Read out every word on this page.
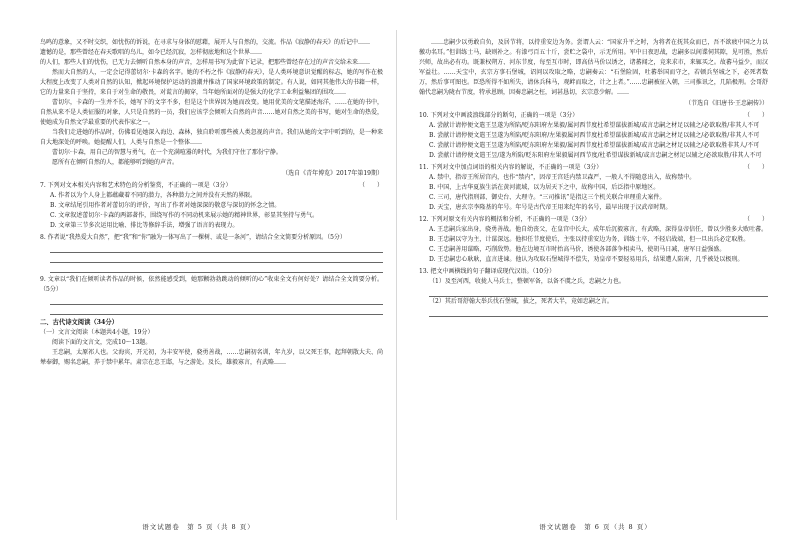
鸟鸣的意象，又不时交织，如忧伤的诉说，在寻求与身体的慰藉，展开人与自然的，交流。作品《寂静的春天》的后记中……

遗憾的是，那些曾经在春天歌唱的鸟儿，如今已经沉寂，怎样彻底地和这个世界……

的人们，那些人们的忧伤，已无力去倾听自然本身的声音，怎样用书写为此留下记录，把那些曾经存在过的声音交给未来……

然而大自然的人，一定会记得蕾切尔·卡森的名字。她的不朽之作《寂静的春天》，是人类环境意识觉醒的标志，她的写作在极大程度上改变了人类对自然的认知，掀起环境保护运动的浪潮并推动了国家环境政策的制定。有人说，如同其他伟大的书籍一样，它的力量来自于坚持，来自于对生命的敬畏，对谎言的揭穿，当年她所面对的是强大的化学工业利益集团的围攻……

蕾切尔，卡森的一生并不长，她写下的文字不多，但是这个世界因为她而改变。她用优美的文笔描述海洋，……在她的书中，自然从来不是人类征服的对象，人只是自然的一员，我们应该学会倾听大自然的声音……她对自然之美的书写，她对生命的热爱，使她成为自然文学最重要的代表作家之一。

当我们走进她的作品时，仿佛看见她深入海边、森林，独自聆听那些被人类忽视的声音。我们从她的文字中听到的，是一种来自大地深处的呼唤。她提醒人们，人类与自然是一个整体……

蕾切尔·卡森，用自己的智慧与勇气，在一个充满喧嚣的时代，为我们守住了那份宁静。

愿所有在倾听自然的人，都能够听到她的声音。

（选自《青年博览》2017年第19期）

7. 下列对文本相关内容和艺术特色的分析鉴赏，不正确的一项是（3分）	（　　）

A. 作者以为个人身上都蕴藏着不同的潜力，各种潜力之间并没有天然的界限。

B. 文章结尾引用作者对蕾切尔的评价，写出了作者对她深深的敬意与深切的怀念之情。

C. 文章叙述蕾切尔·卡森的两部著作，围绕写作的不同动机来展示她的精神世界，彰显其坚持与勇气。

D. 文章第三节多次运用比喻、排比等修辞手法，增强了语言的表现力。

8. 作者说“我热爱大自然”，把“我”和“你”融为一体写出了一棵树、或是一条河”，请结合全文简要分析原因。（5分）

9. 文章以“我们在倾听读者作品的时候，依然能感受到，她那颗勃勃跳动的倾听的心”收束全文有何好处？请结合全文简要分析。（5分）

二、古代诗文阅读（34分）

（一）文言文阅读（本题共4小题，19分）

阅读下面的文言文，完成10～13题。

王忠嗣，太原祁人也。父海宾，开元初，为丰安军使，骁勇善战，……忠嗣初名训，年九岁，以父死王事，起拜朝散大夫、尚辇奉御，赐名忠嗣，养于禁中累年。肃宗在忠王邸，与之游处。及长，雄毅寡言，有武略……

语文试题卷　第 5 页（共 8 页）

……忠嗣少以勇敢自负，及居节将，以持重安边为务。尝谓人云：“国家升平之时，为将者在抚其众而已，吾不欲疲中国之力以徼功名耳。”但训练士马，缺则补之。有漆弓百五十斤，尝贮之袋中，示无所用。军中日夜思战，忠嗣多以间谍伺其隙，见可胜，然后兴师，故出必有功。既兼权朔方、河东节度，每至互市时，即高估马价以诱之，诸蕃闻之，竞来求市，来辄买之。故蕃马益少，而汉军益壮。……天宝中，玄宗方事石堡城，诏问以攻取之略，忠嗣奏云：“石堡险固，吐蕃举国而守之，若顿兵坚城之下，必死者数万，然后事可图也。臣恐所得不如所失，请休兵秣马，观衅而取之，计之上者。”……忠嗣被征入朝，三司推讯之，几陷极刑。会哥舒翰代忠嗣为陇右节度，特承恩顾，因奏忠嗣之枉，词甚恳切，玄宗意少解。……

（节选自《旧唐书·王忠嗣传》）

10. 下列对文中画波浪线部分的断句，正确的一项是（3分）	（　　）

A. 尝献计请停便文遣王昱遂为所陷/贬东阳府左果毅/属河西节度杜希望谋拔新城/或言忠嗣之材足以辅之/必欲取胜/非其人不可

B. 尝献计请停便文遣王昱遂为所陷/贬东阳府/左果毅属河西节度杜希望谋拔新城/或言忠嗣之材足以辅之/必欲取胜/非其人不可

C. 尝献计请停便文遣王昱遂为所陷/贬东阳府左果毅/属河西节度杜希望谋拔新城/或言忠嗣之材足以辅之/必欲取胜非其人/不可

D. 尝献计请停便文遣王昱/遂为所陷/贬东阳府左果毅属河西节度/杜希望谋拔新城/或言忠嗣之材足以辅之/必欲取胜/非其人不可

11. 下列对文中加点词语的相关内容的解说，不正确的一项是（3分）	（　　）

A. 禁中，指帝王所居宫内，也作“禁内”，因帝王宫廷内禁卫森严，一般人不得随意出入，故称禁中。

B. 中国，上古华夏族生活在黄河流域，以为居天下之中，故称中国，后泛指中原地区。

C. 三司，唐代指刑部、御史台、大理寺。“三司推讯”是指这三个机关联合审理重大案件。

D. 天宝，唐玄宗李隆基的年号。年号是古代帝王用来纪年的名号，最早出现于汉武帝时期。

12. 下列对原文有关内容的概括和分析，不正确的一项是（3分）	（　　）

A. 王忠嗣兵家出身，骁勇善战。他自幼丧父，在皇宫中长大，成年后沉毅寡言，有武略，深得皇帝信任，曾以少胜多大败吐蕃。

B. 王忠嗣以守为主，计谋深远。他担任节度使后，主张以持重安边为务，训练士卒，不轻启战端，但一旦出兵必定取胜。

C. 王忠嗣善用谋略，巧削敌势。他在边境互市时抬高马价，诱使各部落争相卖马，使胡马日减，唐军日益强盛。

D. 王忠嗣忠心耿耿，直言进谏。他认为攻取石堡城得不偿失，劝皇帝不要轻易用兵，结果遭人陷害，几乎被处以极刑。

13. 把文中画横线的句子翻译成现代汉语。（10分）

（1）及至河西，收拢人马兵士，整顿军备，以备不虞之兵，忠嗣之力也。

（2）其后哥舒翰大举兵伐石堡城，拔之，死者大半，竟如忠嗣之言。

语文试题卷　第 6 页（共 8 页）
